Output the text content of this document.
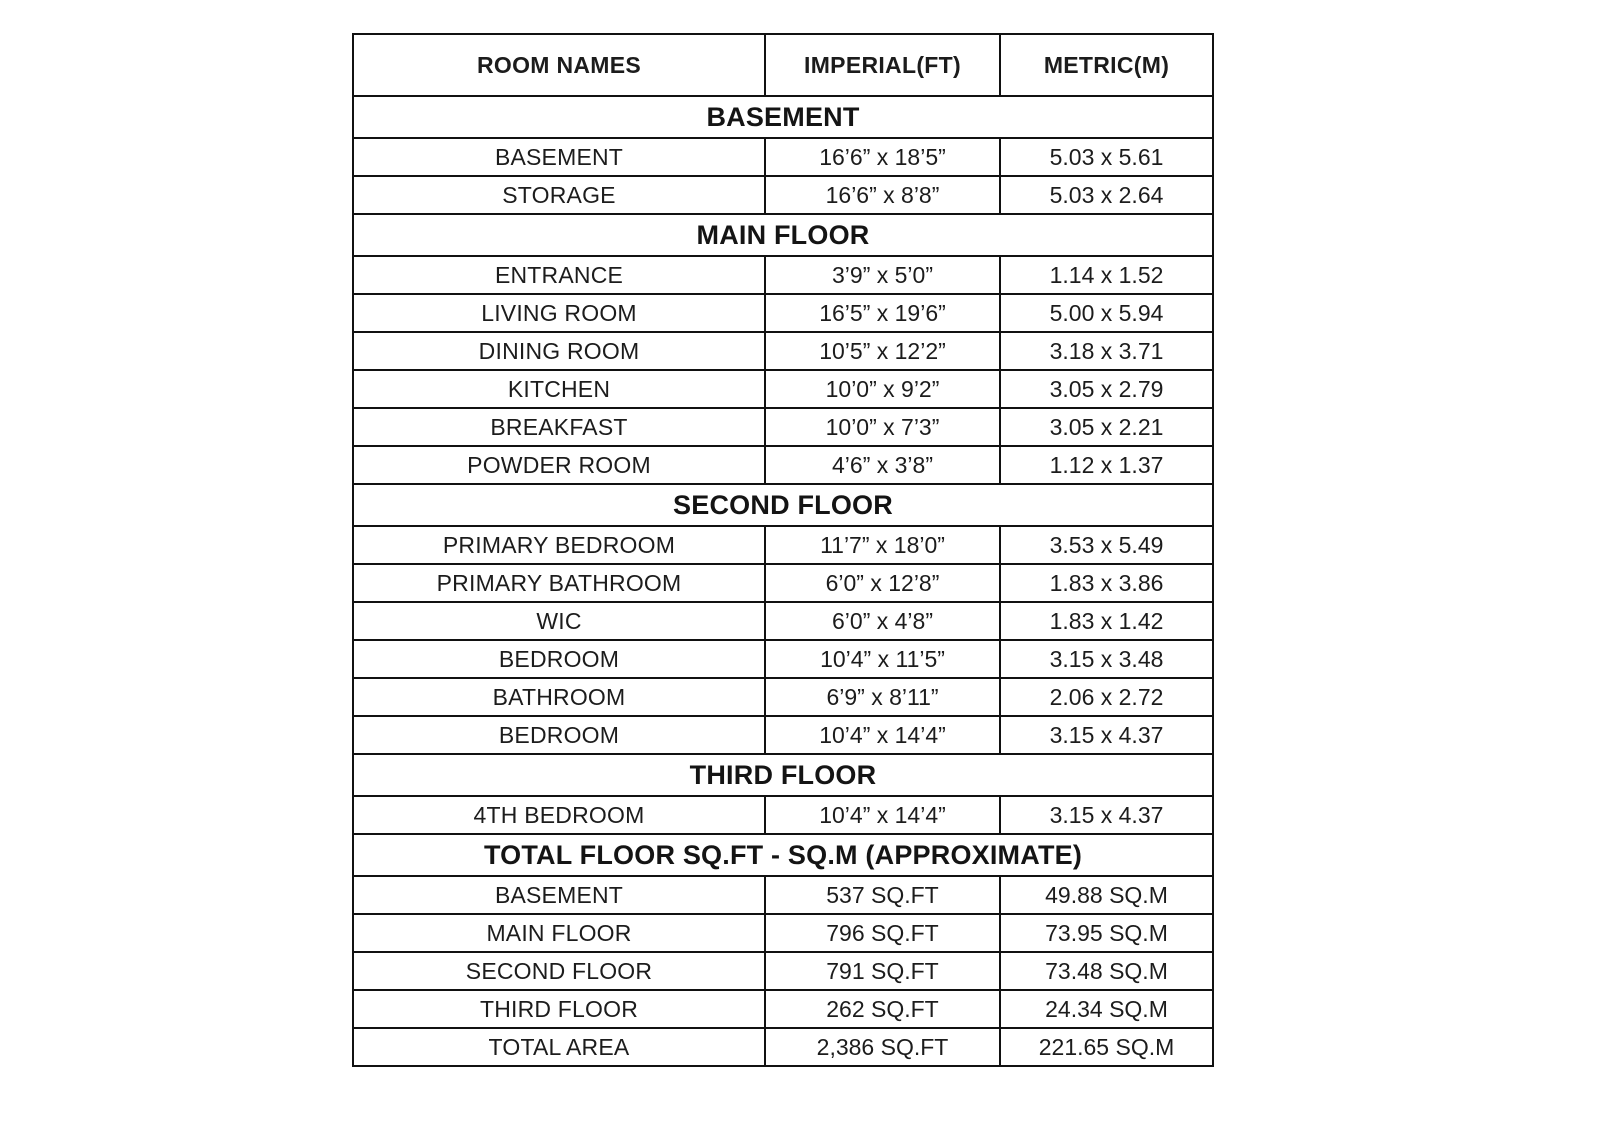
ROOM NAMES	IMPERIAL(FT)	METRIC(M)
BASEMENT		
BASEMENT	16’6” x 18’5”	5.03 x 5.61
STORAGE	16’6” x 8’8”	5.03 x 2.64
MAIN FLOOR		
ENTRANCE	3’9” x 5’0”	1.14 x 1.52
LIVING ROOM	16’5” x 19’6”	5.00 x 5.94
DINING ROOM	10’5” x 12’2”	3.18 x 3.71
KITCHEN	10’0” x 9’2”	3.05 x 2.79
BREAKFAST	10’0” x 7’3”	3.05 x 2.21
POWDER ROOM	4’6” x 3’8”	1.12 x 1.37
SECOND FLOOR		
PRIMARY BEDROOM	11’7” x 18’0”	3.53 x 5.49
PRIMARY BATHROOM	6’0” x 12’8”	1.83 x 3.86
WIC	6’0” x 4’8”	1.83 x 1.42
BEDROOM	10’4” x 11’5”	3.15 x 3.48
BATHROOM	6’9” x 8’11”	2.06 x 2.72
BEDROOM	10’4” x 14’4”	3.15 x 4.37
THIRD FLOOR		
4TH BEDROOM	10’4” x 14’4”	3.15 x 4.37
TOTAL FLOOR SQ.FT - SQ.M (APPROXIMATE)		
BASEMENT	537 SQ.FT	49.88 SQ.M
MAIN FLOOR	796 SQ.FT	73.95 SQ.M
SECOND FLOOR	791 SQ.FT	73.48 SQ.M
THIRD FLOOR	262 SQ.FT	24.34 SQ.M
TOTAL AREA	2,386 SQ.FT	221.65 SQ.M
